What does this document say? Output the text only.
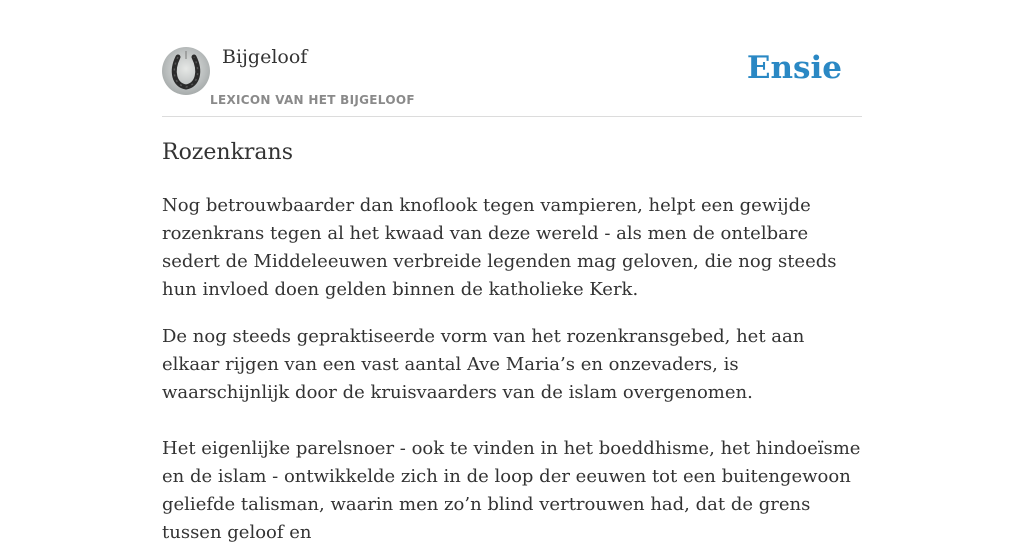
Bijgeloof
LEXICON VAN HET BIJGELOOF
Ensie
Rozenkrans

Nog betrouwbaarder dan knoflook tegen vampieren, helpt een gewijde rozenkrans tegen al het kwaad van deze wereld - als men de ontelbare sedert de Middeleeuwen verbreide legenden mag geloven, die nog steeds hun invloed doen gelden binnen de katholieke Kerk.

De nog steeds gepraktiseerde vorm van het rozenkransgebed, het aan elkaar rijgen van een vast aantal Ave Maria’s en onzevaders, is waarschijnlijk door de kruisvaarders van de islam overgenomen.

Het eigenlijke parelsnoer - ook te vinden in het boeddhisme, het hindoeïsme en de islam - ontwikkelde zich in de loop der eeuwen tot een buitengewoon geliefde talisman, waarin men zo’n blind vertrouwen had, dat de grens tussen geloof en
